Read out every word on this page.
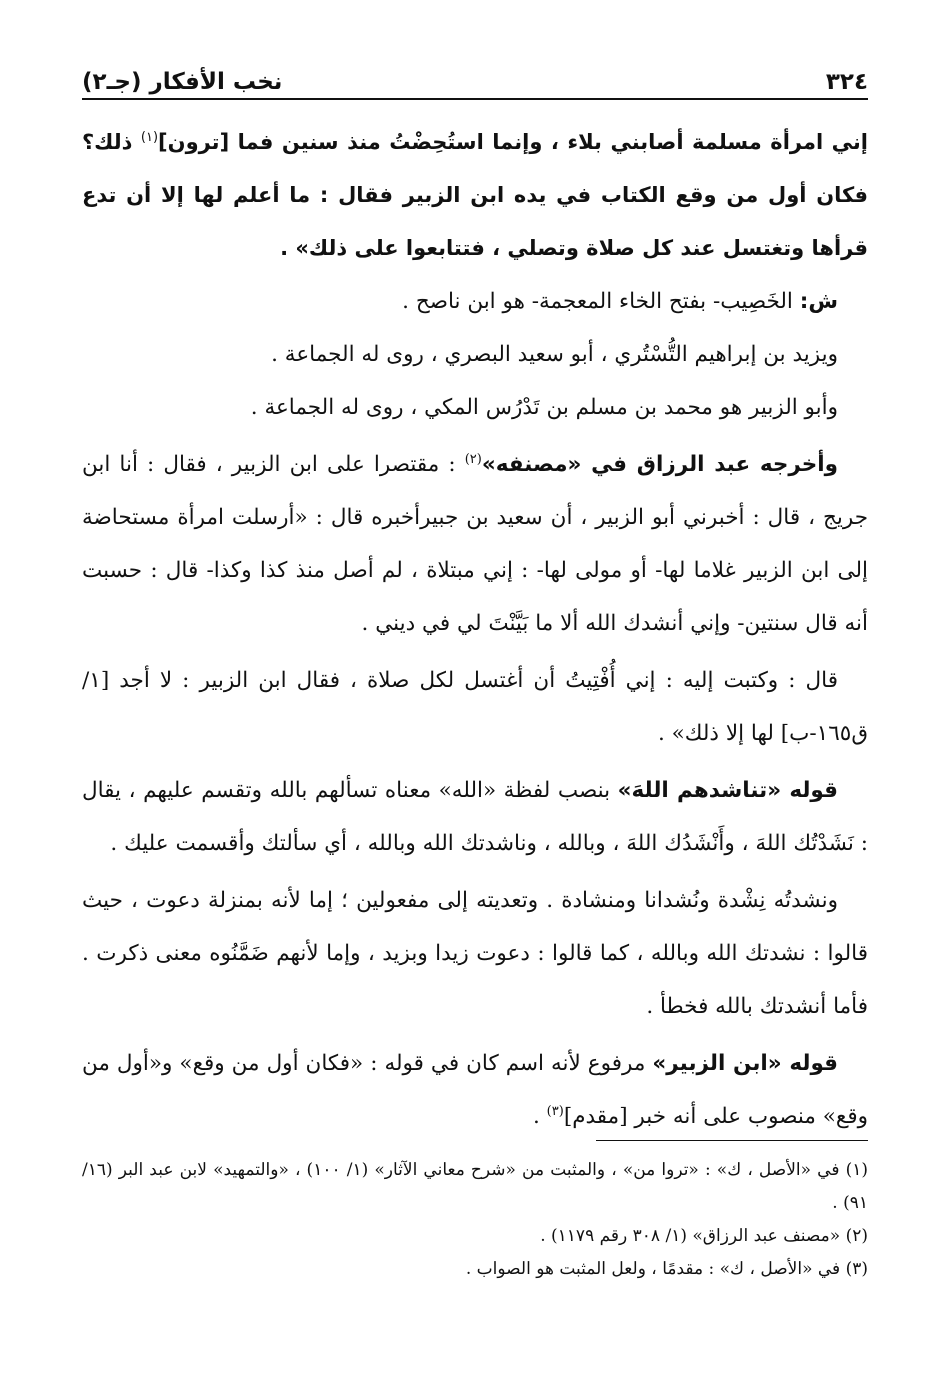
٣٢٤
نخب الأفكار (جـ٢)

إني امرأة مسلمة أصابني بلاء ، وإنما استُحِضْتُ منذ سنين فما [ترون]$^{(١)}$ ذلك؟ فكان أول من وقع الكتاب في يده ابن الزبير فقال : ما أعلم لها إلا أن تدع قرأها وتغتسل عند كل صلاة وتصلي ، فتتابعوا على ذلك» .

ش: الخَصِيب- بفتح الخاء المعجمة- هو ابن ناصح .

ويزيد بن إبراهيم التُّسْتُري ، أبو سعيد البصري ، روى له الجماعة .

وأبو الزبير هو محمد بن مسلم بن تَدْرُس المكي ، روى له الجماعة .

وأخرجه عبد الرزاق في «مصنفه»$^{(٢)}$ : مقتصرا على ابن الزبير ، فقال : أنا ابن جريج ، قال : أخبرني أبو الزبير ، أن سعيد بن جبيرأخبره قال : «أرسلت امرأة مستحاضة إلى ابن الزبير غلاما لها- أو مولى لها- : إني مبتلاة ، لم أصل منذ كذا وكذا- قال : حسبت أنه قال سنتين- وإني أنشدك الله ألا ما بَيَّنْتَ لي في ديني .

قال : وكتبت إليه : إني أُفْتِيتُ أن أغتسل لكل صلاة ، فقال ابن الزبير : لا أجد [١/ق١٦٥-ب] لها إلا ذلك» .

قوله «تناشدهم اللهَ» بنصب لفظة «الله» معناه تسألهم بالله وتقسم عليهم ، يقال : نَشَدْتُك اللهَ ، وأَنْشَدُك اللهَ ، وبالله ، وناشدتك الله وبالله ، أي سألتك وأقسمت عليك .

ونشدتُه نِشْدة ونُشدانا ومنشادة . وتعديته إلى مفعولين ؛ إما لأنه بمنزلة دعوت ، حيث قالوا : نشدتك الله وبالله ، كما قالوا : دعوت زيدا وبزيد ، وإما لأنهم ضَمَّنُوه معنى ذكرت . فأما أنشدتك بالله فخطأ .

قوله «ابن الزبير» مرفوع لأنه اسم كان في قوله : «فكان أول من وقع» و«أول من وقع» منصوب على أنه خبر [مقدم]$^{(٣)}$ .

(١) في «الأصل ، ك» : «تروا من» ، والمثبت من «شرح معاني الآثار» (١/ ١٠٠) ، «والتمهيد» لابن عبد البر (١٦/ ٩١) .

(٢) «مصنف عبد الرزاق» (١/ ٣٠٨ رقم ١١٧٩) .

(٣) في «الأصل ، ك» : مقدمًا ، ولعل المثبت هو الصواب .
